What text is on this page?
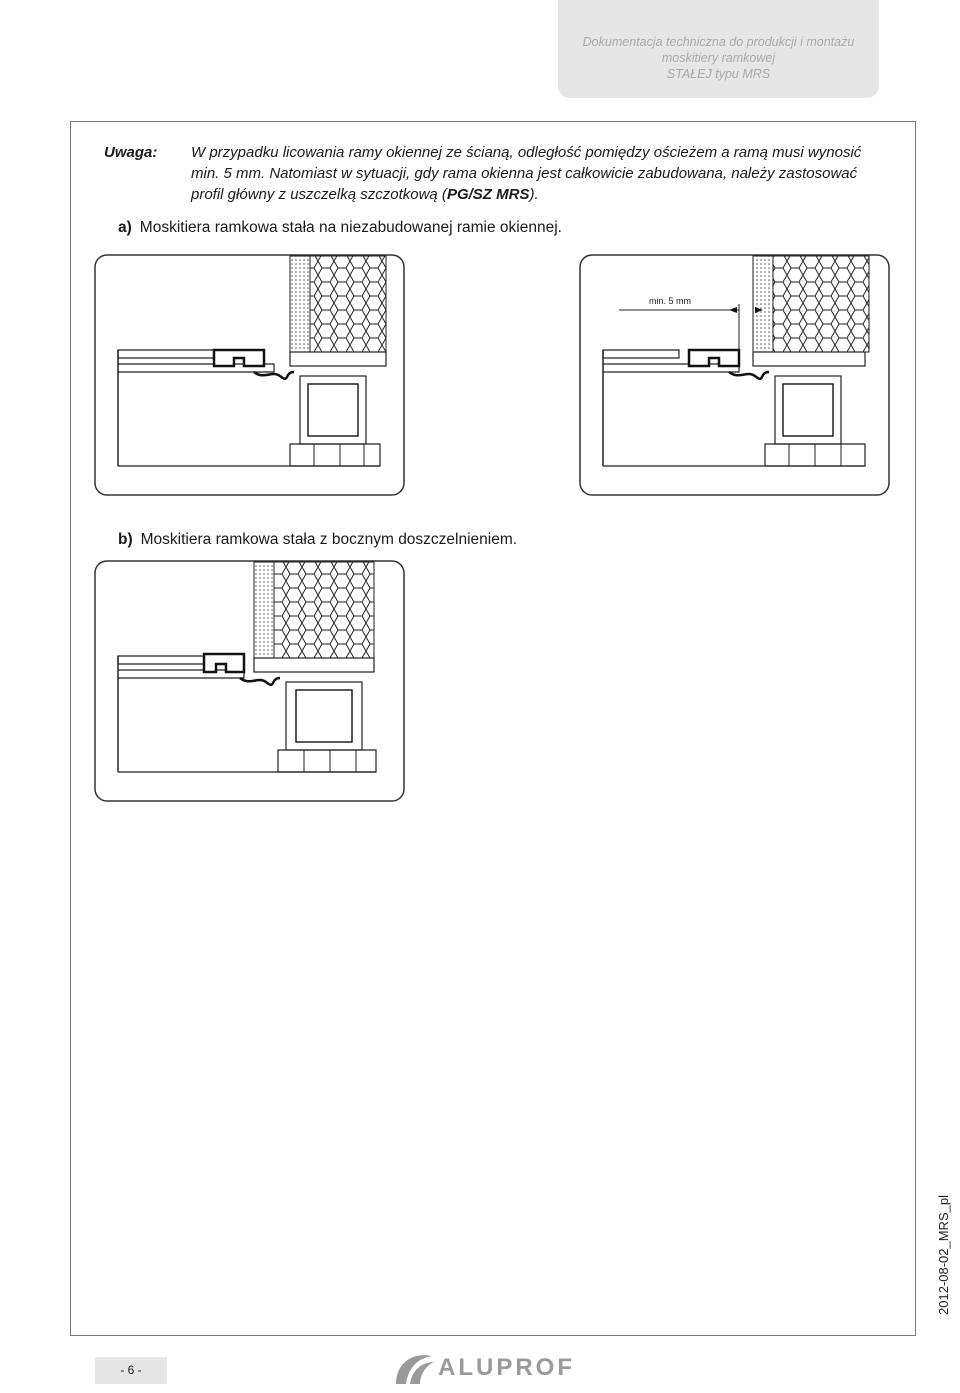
Dokumentacja techniczna do produkcji i montażu
moskitiery ramkowej
STAŁEJ typu MRS
Uwaga: W przypadku licowania ramy okiennej ze ścianą, odległość pomiędzy ościeżem a ramą musi wynosić min. 5 mm. Natomiast w sytuacji, gdy rama okienna jest całkowicie zabudowana, należy zastosować profil główny z uszczelką szczotkową (PG/SZ MRS).
a) Moskitiera ramkowa stała na niezabudowanej ramie okiennej.
min. 5 mm
b) Moskitiera ramkowa stała z bocznym doszczelnieniem.
2012-08-02_MRS_pl
- 6 -	ALUPROF
